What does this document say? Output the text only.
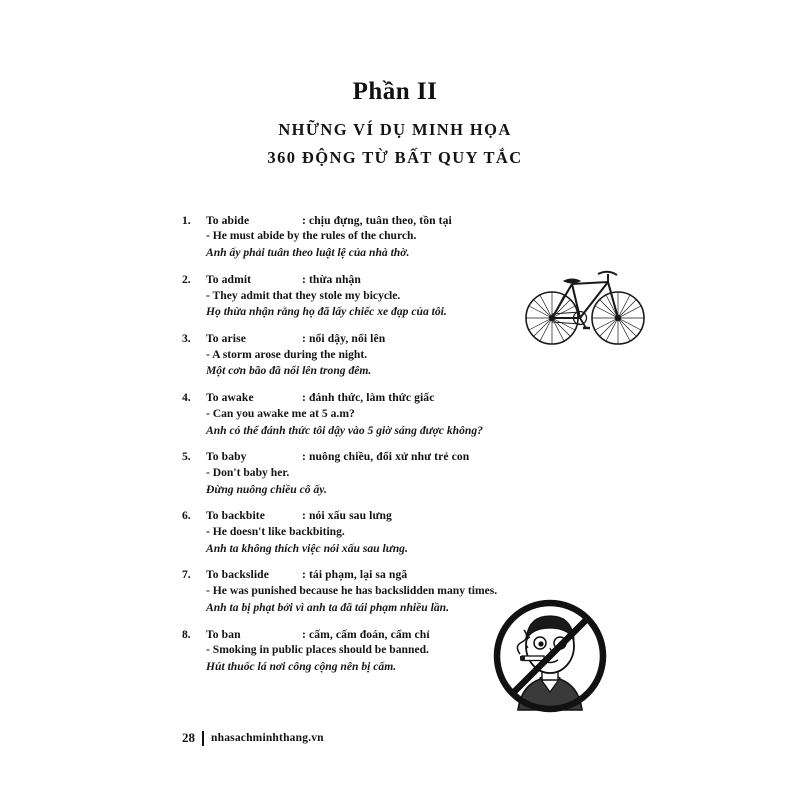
Phần II
NHỮNG VÍ DỤ MINH HỌA
360 ĐỘNG TỪ BẤT QUY TẮC
1.	To abide	: chịu đựng, tuân theo, tồn tại
- He must abide by the rules of the church.
Anh ấy phải tuân theo luật lệ của nhà thờ.
2.	To admit	: thừa nhận
- They admit that they stole my bicycle.
Họ thừa nhận rằng họ đã lấy chiếc xe đạp của tôi.
3.	To arise	: nổi dậy, nổi lên
- A storm arose during the night.
Một cơn bão đã nổi lên trong đêm.
4.	To awake	: đánh thức, làm thức giấc
- Can you awake me at 5 a.m?
Anh có thể đánh thức tôi dậy vào 5 giờ sáng được không?
5.	To baby	: nuông chiều, đối xử như trẻ con
- Don't baby her.
Đừng nuông chiều cô ấy.
6.	To backbite	: nói xấu sau lưng
- He doesn't like backbiting.
Anh ta không thích việc nói xấu sau lưng.
7.	To backslide	: tái phạm, lại sa ngã
- He was punished because he has backslidden many times.
Anh ta bị phạt bởi vì anh ta đã tái phạm nhiều lần.
8.	To ban	: cấm, cấm đoán, cấm chỉ
- Smoking in public places should be banned.
Hút thuốc lá nơi công cộng nên bị cấm.
28 nhasachminhthang.vn
